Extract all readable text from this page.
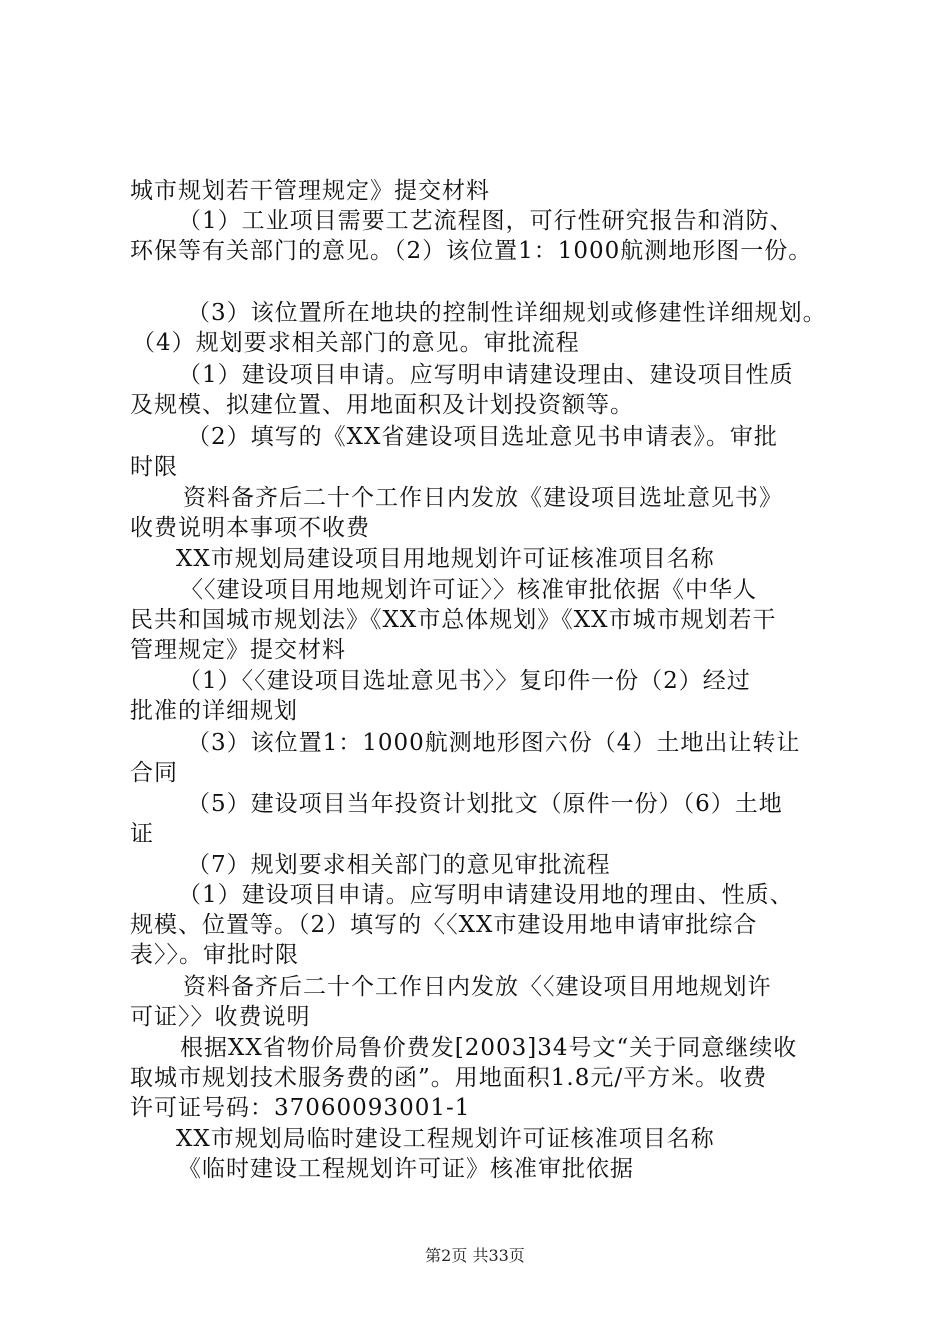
城市规划若干管理规定》提交材料
（1）工业项目需要工艺流程图，可行性研究报告和消防、
环保等有关部门的意见。（2）该位置1：1000航测地形图一份。
（3）该位置所在地块的控制性详细规划或修建性详细规划。
（4）规划要求相关部门的意见。审批流程
（1）建设项目申请。应写明申请建设理由、建设项目性质
及规模、拟建位置、用地面积及计划投资额等。
（2）填写的《XX省建设项目选址意见书申请表》。审批
时限
资料备齐后二十个工作日内发放《建设项目选址意见书》
收费说明本事项不收费
XX市规划局建设项目用地规划许可证核准项目名称
〈〈建设项目用地规划许可证〉〉核准审批依据《中华人
民共和国城市规划法》《XX市总体规划》《XX市城市规划若干
管理规定》提交材料
（1）〈〈建设项目选址意见书〉〉复印件一份（2）经过
批准的详细规划
（3）该位置1：1000航测地形图六份（4）土地出让转让
合同
（5）建设项目当年投资计划批文（原件一份）（6）土地
证
（7）规划要求相关部门的意见审批流程
（1）建设项目申请。应写明申请建设用地的理由、性质、
规模、位置等。（2）填写的〈〈XX市建设用地申请审批综合
表〉〉。审批时限
资料备齐后二十个工作日内发放〈〈建设项目用地规划许
可证〉〉收费说明
根据XX省物价局鲁价费发[2003]34号文“关于同意继续收
取城市规划技术服务费的函”。用地面积1.8元/平方米。收费
许可证号码：37060093001-1
XX市规划局临时建设工程规划许可证核准项目名称
《临时建设工程规划许可证》核准审批依据
第2页 共33页
